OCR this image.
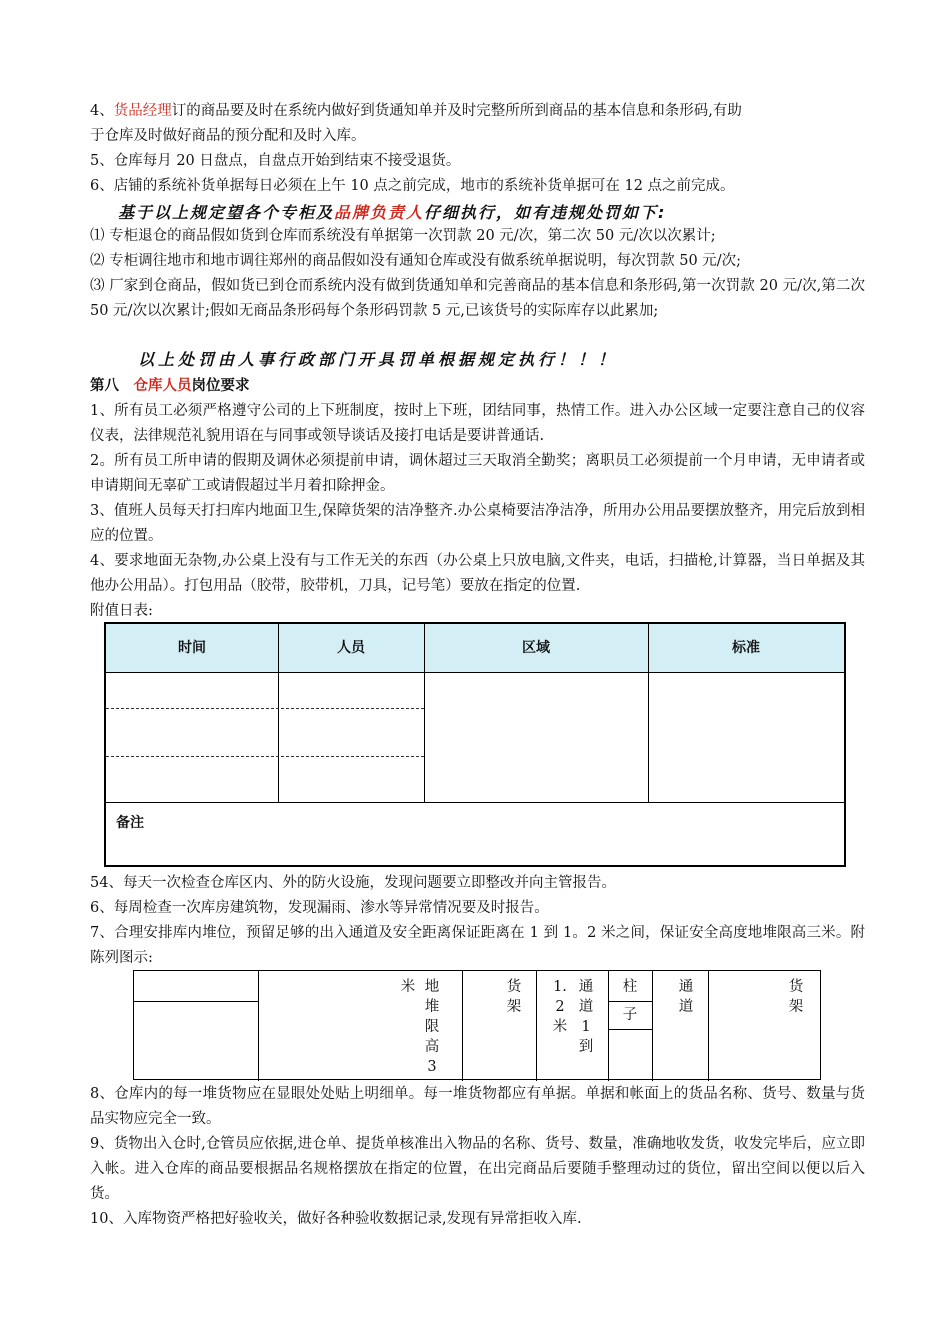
4、货品经理订的商品要及时在系统内做好到货通知单并及时完整所所到商品的基本信息和条形码,有助
于仓库及时做好商品的预分配和及时入库。
5、仓库每月 20 日盘点，自盘点开始到结束不接受退货。
6、店铺的系统补货单据每日必须在上午 10 点之前完成，地市的系统补货单据可在 12 点之前完成。
基于以上规定望各个专柜及品牌负责人仔细执行，如有违规处罚如下:
⑴ 专柜退仓的商品假如货到仓库而系统没有单据第一次罚款 20 元/次，第二次 50 元/次以次累计;
⑵ 专柜调往地市和地市调往郑州的商品假如没有通知仓库或没有做系统单据说明，每次罚款 50 元/次;
⑶ 厂家到仓商品，假如货已到仓而系统内没有做到货通知单和完善商品的基本信息和条形码,第一次罚款 20 元/次,第二次 50 元/次以次累计;假如无商品条形码每个条形码罚款 5 元,已该货号的实际库存以此累加;
以上处罚由人事行政部门开具罚单根据规定执行！！！
第八　仓库人员岗位要求
1、所有员工必须严格遵守公司的上下班制度，按时上下班，团结同事，热情工作。进入办公区域一定要注意自己的仪容仪表，法律规范礼貌用语在与同事或领导谈话及接打电话是要讲普通话.
2。所有员工所申请的假期及调休必须提前申请，调休超过三天取消全勤奖；离职员工必须提前一个月申请，无申请者或申请期间无辜矿工或请假超过半月着扣除押金。
3、值班人员每天打扫库内地面卫生,保障货架的洁净整齐.办公桌椅要洁净洁净，所用办公用品要摆放整齐，用完后放到相应的位置。
4、要求地面无杂物,办公桌上没有与工作无关的东西（办公桌上只放电脑,文件夹，电话，扫描枪,计算器，当日单据及其他办公用品）。打包用品（胶带，胶带机，刀具，记号笔）要放在指定的位置.
附值日表:
时间	人员	区域	标准
备注
54、每天一次检查仓库区内、外的防火设施，发现问题要立即整改并向主管报告。
6、每周检查一次库房建筑物，发现漏雨、渗水等异常情况要及时报告。
7、合理安排库内堆位，预留足够的出入通道及安全距离保证距离在 1 到 1。2 米之间，保证安全高度地堆限高三米。附陈列图示:
米 地堆限高3
货架
1.2米
通道1到
柱
子
通道
货架
8、仓库内的每一堆货物应在显眼处处贴上明细单。每一堆货物都应有单据。单据和帐面上的货品名称、货号、数量与货品实物应完全一致。
9、货物出入仓时,仓管员应依据,进仓单、提货单核准出入物品的名称、货号、数量，准确地收发货，收发完毕后，应立即入帐。进入仓库的商品要根据品名规格摆放在指定的位置，在出完商品后要随手整理动过的货位，留出空间以便以后入货。
10、入库物资严格把好验收关，做好各种验收数据记录,发现有异常拒收入库.
